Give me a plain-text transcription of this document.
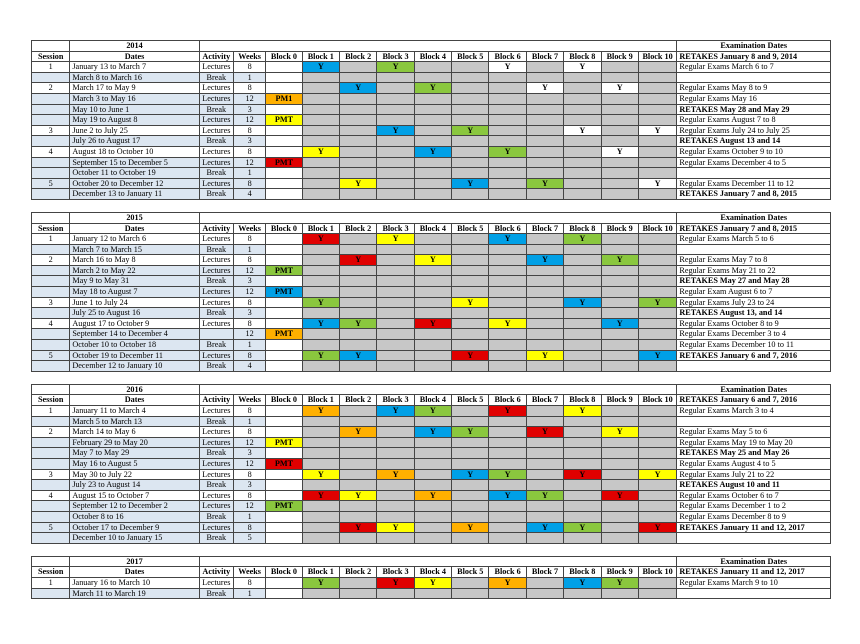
	2014														Examination Dates
Session	Dates	Activity	Weeks	Block 0	Block 1	Block 2	Block 3	Block 4	Block 5	Block 6	Block 7	Block 8	Block 9	Block 10	RETAKES January 8 and 9, 2014
1	January 13 to March 7	Lectures	8		Y		Y			Y		Y			Regular Exams March 6 to 7
	March 8 to March 16	Break	1												
2	March 17 to May 9	Lectures	8			Y		Y			Y		Y		Regular Exams May 8 to 9
	March 3 to May 16	Lectures	12	PM1											Regular Exams May 16
	May 10 to June 1	Break	3												RETAKES May 28 and May 29
	May 19 to August 8	Lectures	12	PMT											Regular Exams August 7 to 8
3	June 2 to July 25	Lectures	8				Y		Y			Y		Y	Regular Exams July 24 to July 25
	July 26 to August 17	Break	3												RETAKES August 13 and 14
4	August 18 to October 10	Lectures	8		Y			Y		Y			Y		Regular Exams October 9 to 10
	September 15 to December 5	Lectures	12	PMT											Regular Exams December 4 to 5
	October 11 to October 19	Break	1												
5	October 20 to December 12	Lectures	8			Y			Y		Y			Y	Regular Exams December 11 to 12
	December 13 to January 11	Break	4												RETAKES January 7 and 8, 2015
	2015														Examination Dates
Session	Dates	Activity	Weeks	Block 0	Block 1	Block 2	Block 3	Block 4	Block 5	Block 6	Block 7	Block 8	Block 9	Block 10	RETAKES January 7 and 8, 2015
1	January 12 to March 6	Lectures	8		Y		Y			Y		Y			Regular Exams March 5 to 6
	March 7 to March 15	Break	1												
2	March 16 to May 8	Lectures	8			Y		Y			Y		Y		Regular Exams May 7 to 8
	March 2 to May 22	Lectures	12	PMT											Regular Exams May 21 to 22
	May 9 to May 31	Break	3												RETAKES May 27 and May 28
	May 18 to August 7	Lectures	12	PMT											Regular Exam August 6 to 7
3	June 1 to July 24	Lectures	8		Y				Y			Y		Y	Regular Exams July 23 to 24
	July 25 to August 16	Break	3												RETAKES August 13, and 14
4	August 17 to October 9	Lectures	8		Y	Y		Y		Y			Y		Regular Exams October 8 to 9
	September 14 to December 4		12	PMT											Regular Exams December 3 to 4
	October 10 to October 18	Break	1												Regular Exams December 10 to 11
5	October 19 to December 11	Lectures	8		Y	Y			Y		Y			Y	RETAKES January 6 and 7, 2016
	December 12 to January 10	Break	4												
	2016														Examination Dates
Session	Dates	Activity	Weeks	Block 0	Block 1	Block 2	Block 3	Block 4	Block 5	Block 6	Block 7	Block 8	Block 9	Block 10	RETAKES January 6 and 7, 2016
1	January 11 to March 4	Lectures	8		Y		Y	Y		Y		Y			Regular Exams March 3 to 4
	March 5 to March 13	Break	1												
2	March 14 to May 6	Lectures	8			Y		Y	Y		Y		Y		Regular Exams May 5 to 6
	February 29 to May 20	Lectures	12	PMT											Regular Exams May 19 to May 20
	May 7 to May 29	Break	3												RETAKES May 25 and May 26
	May 16 to August 5	Lectures	12	PMT											Regular Exams August 4 to 5
3	May 30 to July 22	Lectures	8		Y		Y		Y	Y		Y		Y	Regular Exams July 21 to 22
	July 23 to August 14	Break	3												RETAKES August 10 and 11
4	August 15 to October 7	Lectures	8		Y	Y		Y		Y	Y		Y		Regular Exams October 6 to 7
	September 12 to December 2	Lectures	12	PMT											Regular Exams December 1 to 2
	October 8 to 16	Break	1												Regular Exams December 8 to 9
5	October 17 to December 9	Lectures	8			Y	Y		Y		Y	Y		Y	RETAKES January 11 and 12, 2017
	December 10 to January 15	Break	5												
	2017														Examination Dates
Session	Dates	Activity	Weeks	Block 0	Block 1	Block 2	Block 3	Block 4	Block 5	Block 6	Block 7	Block 8	Block 9	Block 10	RETAKES January 11 and 12, 2017
1	January 16 to March 10	Lectures	8		Y		Y	Y		Y		Y	Y		Regular Exams March 9 to 10
	March 11 to March 19	Break	1												
